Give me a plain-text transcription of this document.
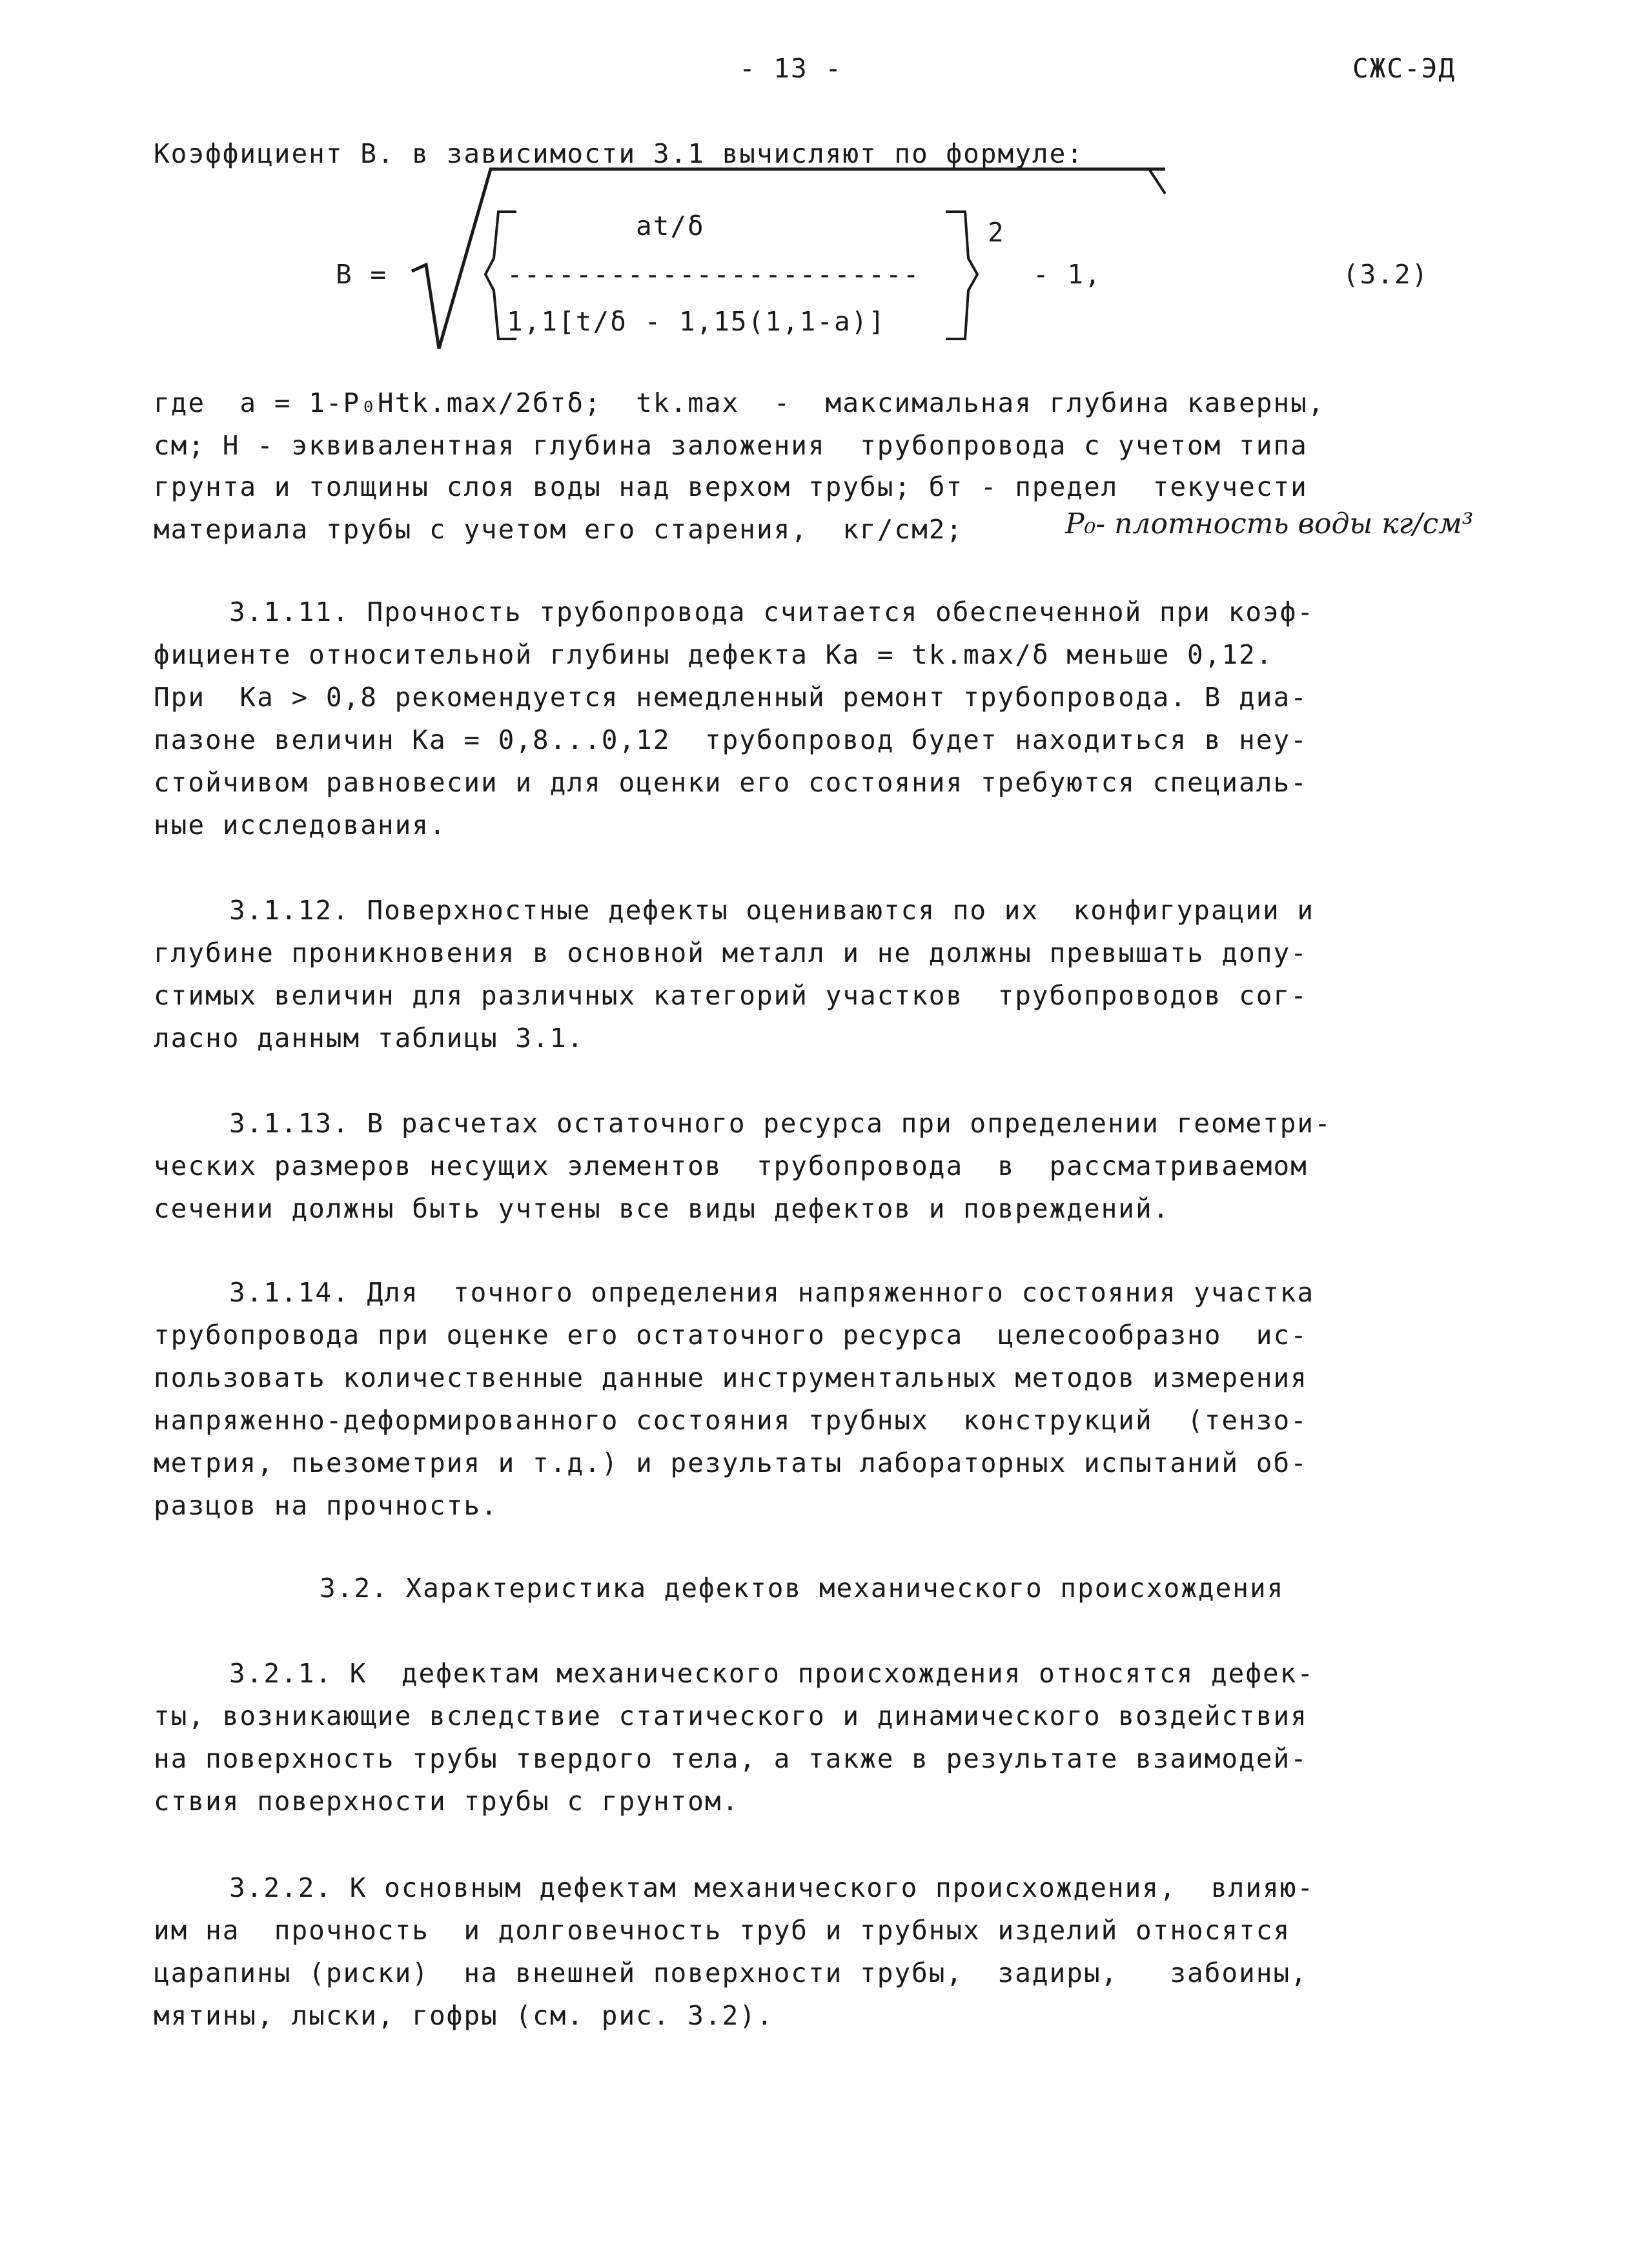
- 13 -	СЖС-ЭД
Коэффициент В. в зависимости 3.1 вычисляют по формуле:
B =
at/δ
------------------------
1,1[t/δ - 1,15(1,1-a)]
2
- 1,	(3.2)
где  a = 1-P₀Htk.max/2бтδ;  tk.max  -  максимальная глубина каверны,
см; H - эквивалентная глубина заложения  трубопровода с учетом типа
грунта и толщины слоя воды над верхом трубы; бт - предел  текучести
материала трубы с учетом его старения,  кг/см2;	P₀- плотность воды кг/см³
3.1.11. Прочность трубопровода считается обеспеченной при коэф-
фициенте относительной глубины дефекта Ka = tk.max/δ меньше 0,12.
При  Ka > 0,8 рекомендуется немедленный ремонт трубопровода. В диа-
пазоне величин Ka = 0,8...0,12  трубопровод будет находиться в неу-
стойчивом равновесии и для оценки его состояния требуются специаль-
ные исследования.
3.1.12. Поверхностные дефекты оцениваются по их  конфигурации и
глубине проникновения в основной металл и не должны превышать допу-
стимых величин для различных категорий участков  трубопроводов сог-
ласно данным таблицы 3.1.
3.1.13. В расчетах остаточного ресурса при определении геометри-
ческих размеров несущих элементов  трубопровода  в  рассматриваемом
сечении должны быть учтены все виды дефектов и повреждений.
3.1.14. Для  точного определения напряженного состояния участка
трубопровода при оценке его остаточного ресурса  целесообразно  ис-
пользовать количественные данные инструментальных методов измерения
напряженно-деформированного состояния трубных  конструкций  (тензо-
метрия, пьезометрия и т.д.) и результаты лабораторных испытаний об-
разцов на прочность.
3.2. Характеристика дефектов механического происхождения
3.2.1. К  дефектам механического происхождения относятся дефек-
ты, возникающие вследствие статического и динамического воздействия
на поверхность трубы твердого тела, а также в результате взаимодей-
ствия поверхности трубы с грунтом.
3.2.2. К основным дефектам механического происхождения,  влияю-
им на  прочность  и долговечность труб и трубных изделий относятся
царапины (риски)  на внешней поверхности трубы,  задиры,   забоины,
мятины, лыски, гофры (см. рис. 3.2).
